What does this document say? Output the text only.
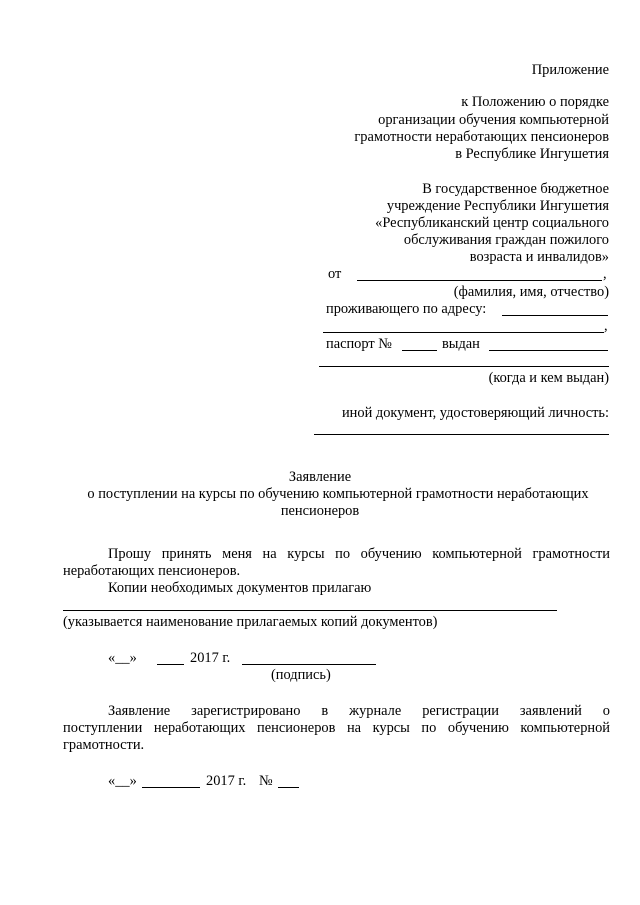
Приложение
к Положению о порядке
организации обучения компьютерной
грамотности неработающих пенсионеров
в Республике Ингушетия
В государственное бюджетное
учреждение Республики Ингушетия
«Республиканский центр социального
обслуживания граждан пожилого
возраста и инвалидов»
от	,
(фамилия, имя, отчество)
проживающего по адресу:
,
паспорт №	выдан
(когда и кем выдан)
иной документ, удостоверяющий личность:
Заявление
о поступлении на курсы по обучению компьютерной грамотности неработающих
пенсионеров
Прошу принять меня на курсы по обучению компьютерной грамотности
неработающих пенсионеров.
Копии необходимых документов прилагаю
(указывается наименование прилагаемых копий документов)
«__»	2017 г.
(подпись)
Заявление зарегистрировано в журнале регистрации заявлений о
поступлении неработающих пенсионеров на курсы по обучению компьютерной
грамотности.
«__»	2017 г. №
